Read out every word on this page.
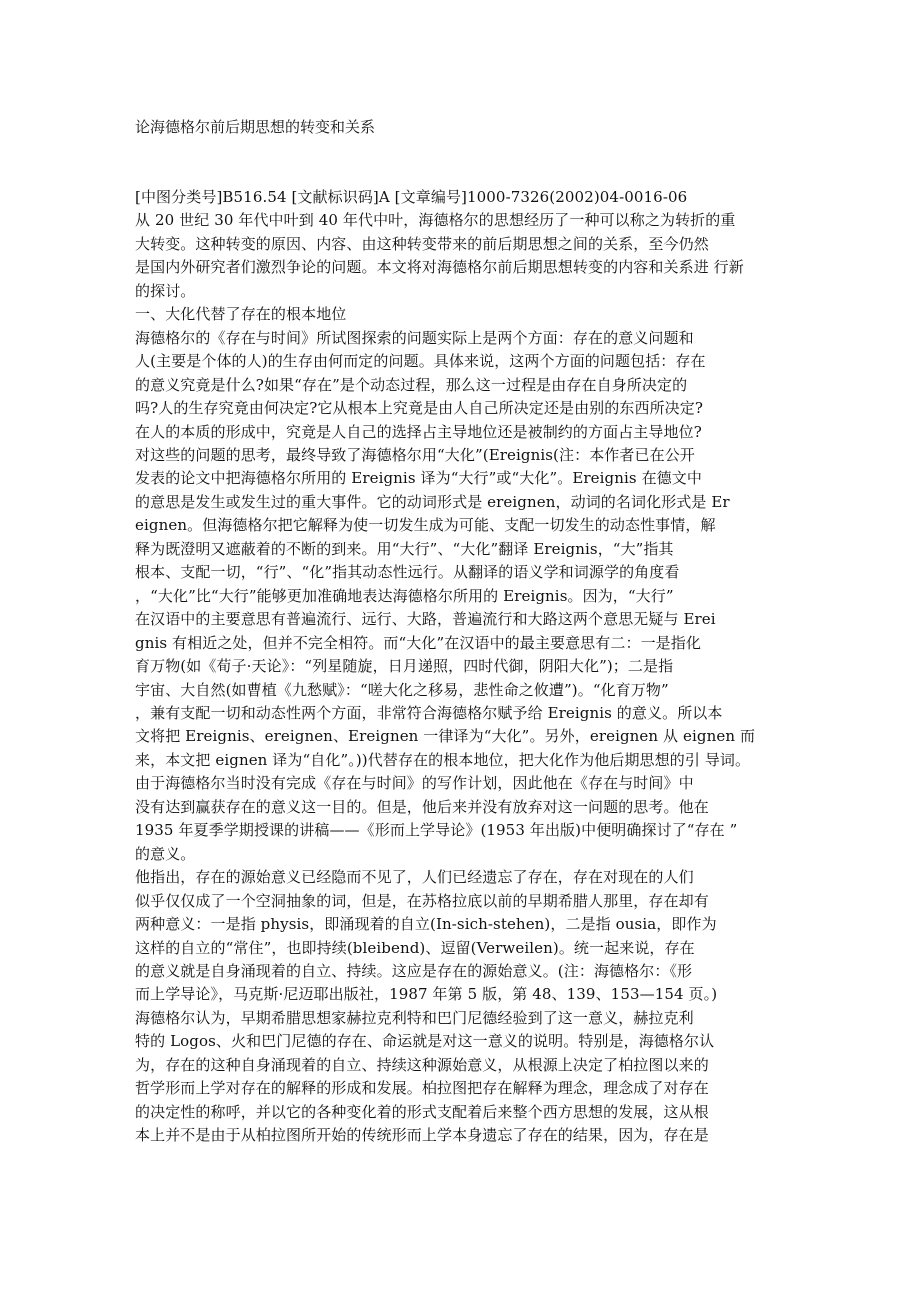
论海德格尔前后期思想的转变和关系
[中图分类号]B516.54 [文献标识码]A [文章编号]1000-7326(2002)04-0016-06
从 20 世纪 30 年代中叶到 40 年代中叶，海德格尔的思想经历了一种可以称之为转折的重
大转变。这种转变的原因、内容、由这种转变带来的前后期思想之间的关系，至今仍然
是国内外研究者们激烈争论的问题。本文将对海德格尔前后期思想转变的内容和关系进 行新
的探讨。
一、大化代替了存在的根本地位
海德格尔的《存在与时间》所试图探索的问题实际上是两个方面：存在的意义问题和
人(主要是个体的人)的生存由何而定的问题。具体来说，这两个方面的问题包括：存在
的意义究竟是什么?如果“存在”是个动态过程，那么这一过程是由存在自身所决定的
吗?人的生存究竟由何决定?它从根本上究竟是由人自己所决定还是由别的东西所决定?
在人的本质的形成中，究竟是人自己的选择占主导地位还是被制约的方面占主导地位?
对这些的问题的思考，最终导致了海德格尔用“大化”(Ereignis(注：本作者已在公开
发表的论文中把海德格尔所用的 Ereignis 译为“大行”或“大化”。Ereignis 在德文中
的意思是发生或发生过的重大事件。它的动词形式是 ereignen，动词的名词化形式是 Er
eignen。但海德格尔把它解释为使一切发生成为可能、支配一切发生的动态性事情，解
释为既澄明又遮蔽着的不断的到来。用“大行”、“大化”翻译 Ereignis，“大”指其
根本、支配一切，“行”、“化”指其动态性远行。从翻译的语义学和词源学的角度看
，“大化”比“大行”能够更加准确地表达海德格尔所用的 Ereignis。因为，“大行”
在汉语中的主要意思有普遍流行、远行、大路，普遍流行和大路这两个意思无疑与 Erei
gnis 有相近之处，但并不完全相符。而“大化”在汉语中的最主要意思有二：一是指化
育万物(如《荀子·天论》：“列星随旋，日月递照，四时代御，阴阳大化”)；二是指
宇宙、大自然(如曹植《九愁赋》：“嗟大化之移易，悲性命之攸遭”)。“化育万物”
，兼有支配一切和动态性两个方面，非常符合海德格尔赋予给 Ereignis 的意义。所以本
文将把 Ereignis、ereignen、Ereignen 一律译为“大化”。另外，ereignen 从 eignen 而
来，本文把 eignen 译为“自化”。))代替存在的根本地位，把大化作为他后期思想的引 导词。
由于海德格尔当时没有完成《存在与时间》的写作计划，因此他在《存在与时间》中
没有达到赢获存在的意义这一目的。但是，他后来并没有放弃对这一问题的思考。他在
1935 年夏季学期授课的讲稿——《形而上学导论》(1953 年出版)中便明确探讨了“存在 ”
的意义。
他指出，存在的源始意义已经隐而不见了，人们已经遗忘了存在，存在对现在的人们
似乎仅仅成了一个空洞抽象的词，但是，在苏格拉底以前的早期希腊人那里，存在却有
两种意义：一是指 physis，即涌现着的自立(In-sich-stehen)，二是指 ousia，即作为
这样的自立的“常住”，也即持续(bleibend)、逗留(Verweilen)。统一起来说，存在
的意义就是自身涌现着的自立、持续。这应是存在的源始意义。(注：海德格尔：《形
而上学导论》，马克斯·尼迈耶出版社，1987 年第 5 版，第 48、139、153—154 页。)
海德格尔认为，早期希腊思想家赫拉克利特和巴门尼德经验到了这一意义，赫拉克利
特的 Logos、火和巴门尼德的存在、命运就是对这一意义的说明。特别是，海德格尔认
为，存在的这种自身涌现着的自立、持续这种源始意义，从根源上决定了柏拉图以来的
哲学形而上学对存在的解释的形成和发展。柏拉图把存在解释为理念，理念成了对存在
的决定性的称呼，并以它的各种变化着的形式支配着后来整个西方思想的发展，这从根
本上并不是由于从柏拉图所开始的传统形而上学本身遗忘了存在的结果，因为，存在是
